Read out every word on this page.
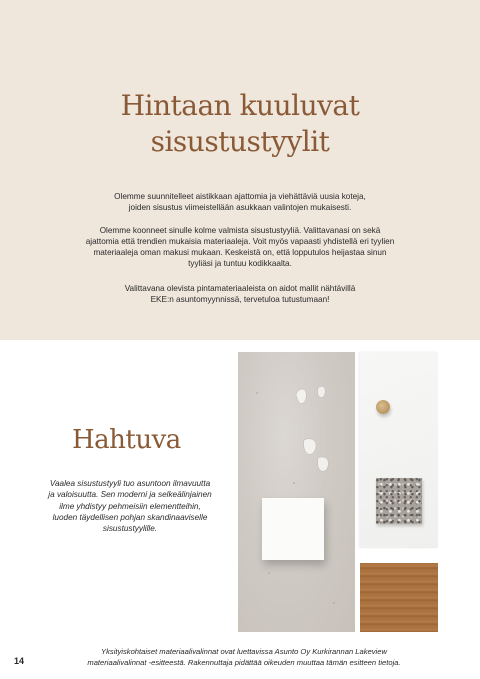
Hintaan kuuluvat
sisustustyylit

Olemme suunnitelleet aistikkaan ajattomia ja viehättäviä uusia koteja,
joiden sisustus viimeistellään asukkaan valintojen mukaisesti.

Olemme koonneet sinulle kolme valmista sisustustyyliä. Valittavanasi on sekä
ajattomia että trendien mukaisia materiaaleja. Voit myös vapaasti yhdistellä eri tyylien
materiaaleja oman makusi mukaan. Keskeistä on, että lopputulos heijastaa sinun
tyyliäsi ja tuntuu kodikkaalta.

Valittavana olevista pintamateriaaleista on aidot mallit nähtävillä
EKE:n asuntomyynnissä, tervetuloa tutustumaan!

Hahtuva

Vaalea sisustustyyli tuo asuntoon ilmavuutta
ja valoisuutta. Sen moderni ja selkeälinjainen
ilme yhdistyy pehmeisiin elementteihin,
luoden täydellisen pohjan skandinaaviselle
sisustustyylille.

14

Yksityiskohtaiset materiaalivalinnat ovat luettavissa Asunto Oy Kurkirannan Lakeview
materiaalivalinnat -esitteestä. Rakennuttaja pidättää oikeuden muuttaa tämän esitteen tietoja.
